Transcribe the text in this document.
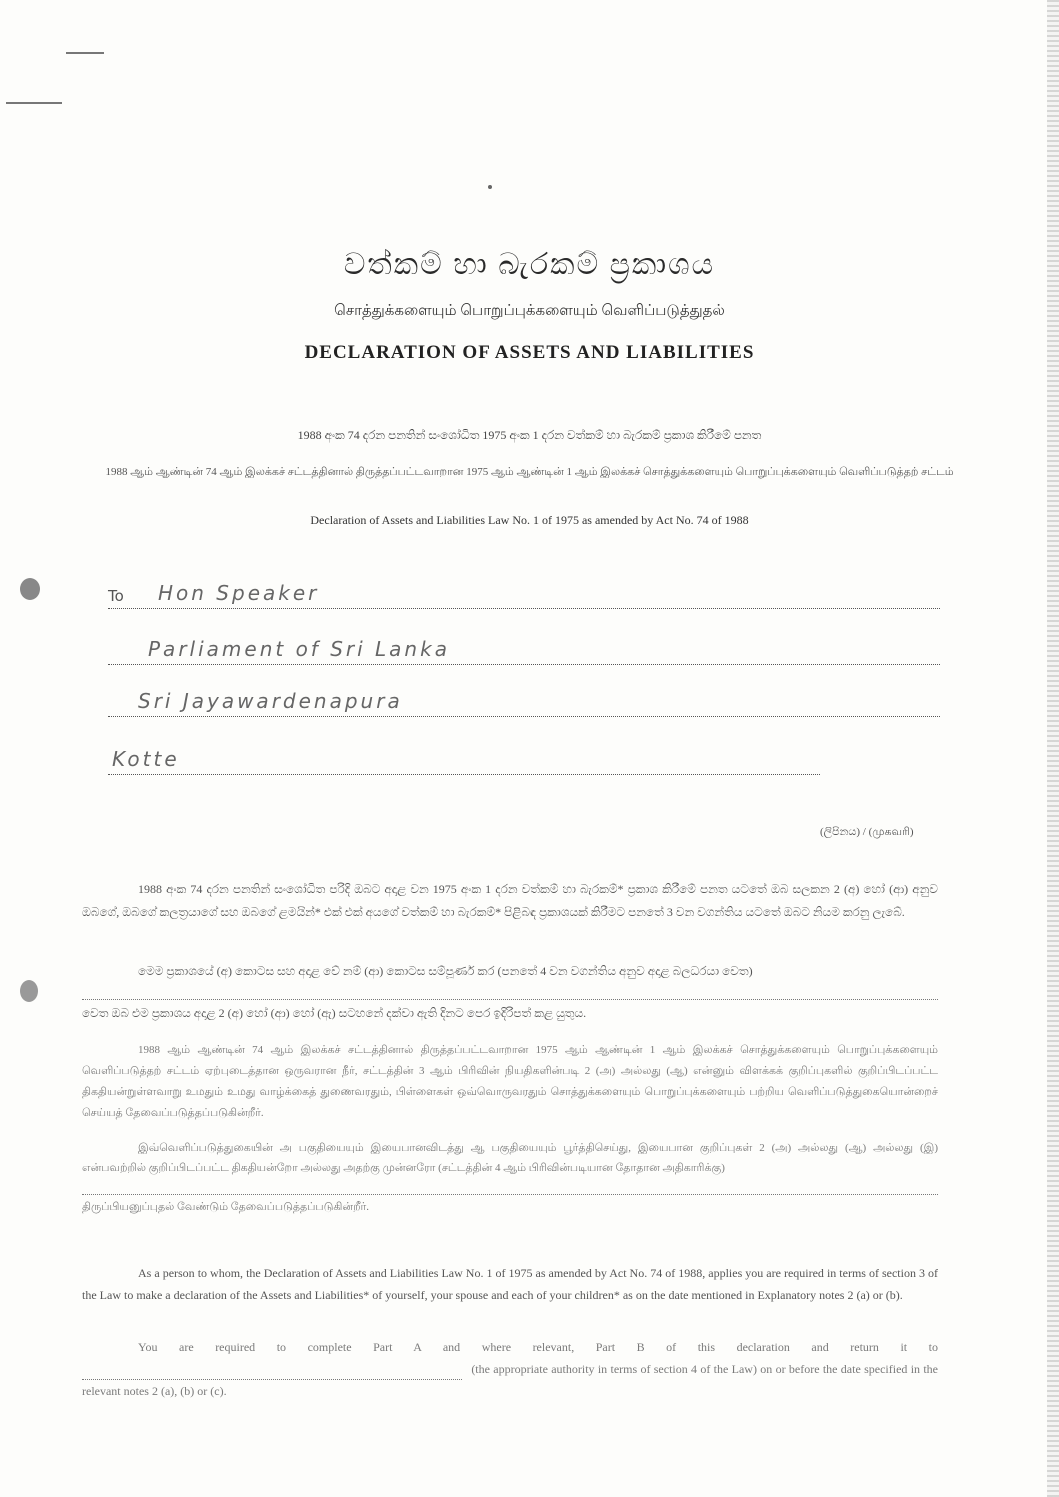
වත්කම් හා බැරකම් ප්‍රකාශය
சொத்துக்களையும் பொறுப்புக்களையும் வெளிப்படுத்துதல்
DECLARATION OF ASSETS AND LIABILITIES
1988 අංක 74 දරන පනතින් සංශෝධිත 1975 අංක 1 දරන වත්කම් හා බැරකම් ප්‍රකාශ කිරීමේ පනත
1988 ஆம் ஆண்டின் 74 ஆம் இலக்கச் சட்டத்தினால் திருத்தப்பட்டவாறான 1975 ஆம் ஆண்டின் 1 ஆம் இலக்கச் சொத்துக்களையும் பொறுப்புக்களையும் வெளிப்படுத்தற் சட்டம்
Declaration of Assets and Liabilities Law No. 1 of 1975 as amended by Act No. 74 of 1988
To Hon Speaker
Parliament of Sri Lanka
Sri Jayawardenapura
Kotte
(ලිපිනය) / (முகவரி)
1988 අංක 74 දරන පනතින් සංශෝධිත පරිදි ඔබට අදාළ වන 1975 අංක 1 දරන වත්කම් හා බැරකම්* ප්‍රකාශ කිරීමේ පනත යටතේ ඔබ සලකන 2 (අ) හෝ (ආ) අනුව ඔබගේ, ඔබගේ කලත්‍රයාගේ සහ ඔබගේ ළමයින්* එක් එක් අයගේ වත්කම් හා බැරකම්* පිළිබඳ ප්‍රකාශයක් කිරීමට පනතේ 3 වන වගන්තිය යටතේ ඔබට නියම කරනු ලැබේ.
මෙම ප්‍රකාශයේ (අ) කොටස සහ අදාළ වේ නම් (ආ) කොටස සම්පූර්ණ කර (පනතේ 4 වන වගන්තිය අනුව අදාළ බලධරයා වෙත)
වෙත ඔබ එම ප්‍රකාශය අදාළ 2 (අ) හෝ (ආ) හෝ (ඇ) සටහනේ දක්වා ඇති දිනට පෙර ඉදිරිපත් කළ යුතුය.
1988 ஆம் ஆண்டின் 74 ஆம் இலக்கச் சட்டத்தினால் திருத்தப்பட்டவாறான 1975 ஆம் ஆண்டின் 1 ஆம் இலக்கச் சொத்துக்களையும் பொறுப்புக்களையும் வெளிப்படுத்தற் சட்டம் ஏற்புடைத்தான ஒருவரான நீர், சட்டத்தின் 3 ஆம் பிரிவின் நியதிகளின்படி 2 (அ) அல்லது (ஆ) என்னும் விளக்கக் குறிப்புகளில் குறிப்பிடப்பட்ட திகதியன்றுள்ளவாறு உமதும் உமது வாழ்க்கைத் துணைவரதும், பிள்ளைகள் ஒவ்வொருவரதும் சொத்துக்களையும் பொறுப்புக்களையும் பற்றிய வெளிப்படுத்துகையொன்றைச் செய்யத் தேவைப்படுத்தப்படுகின்றீர்.
இவ்வெளிப்படுத்துகையின் அ பகுதியையும் இயைபானவிடத்து ஆ பகுதியையும் பூர்த்திசெய்து, இயைபான குறிப்புகள் 2 (அ) அல்லது (ஆ) அல்லது (இ) என்பவற்றில் குறிப்பிடப்பட்ட திகதியன்றோ அல்லது அதற்கு முன்னரோ (சட்டத்தின் 4 ஆம் பிரிவின்படியான தோதான அதிகாரிக்கு)
திருப்பியனுப்புதல் வேண்டும் தேவைப்படுத்தப்படுகின்றீர்.
As a person to whom, the Declaration of Assets and Liabilities Law No. 1 of 1975 as amended by Act No. 74 of 1988, applies you are required in terms of section 3 of the Law to make a declaration of the Assets and Liabilities* of yourself, your spouse and each of your children* as on the date mentioned in Explanatory notes 2 (a) or (b).
You are required to complete Part A and where relevant, Part B of this declaration and return it to  (the appropriate authority in terms of section 4 of the Law) on or before the date specified in the relevant notes 2 (a), (b) or (c).
